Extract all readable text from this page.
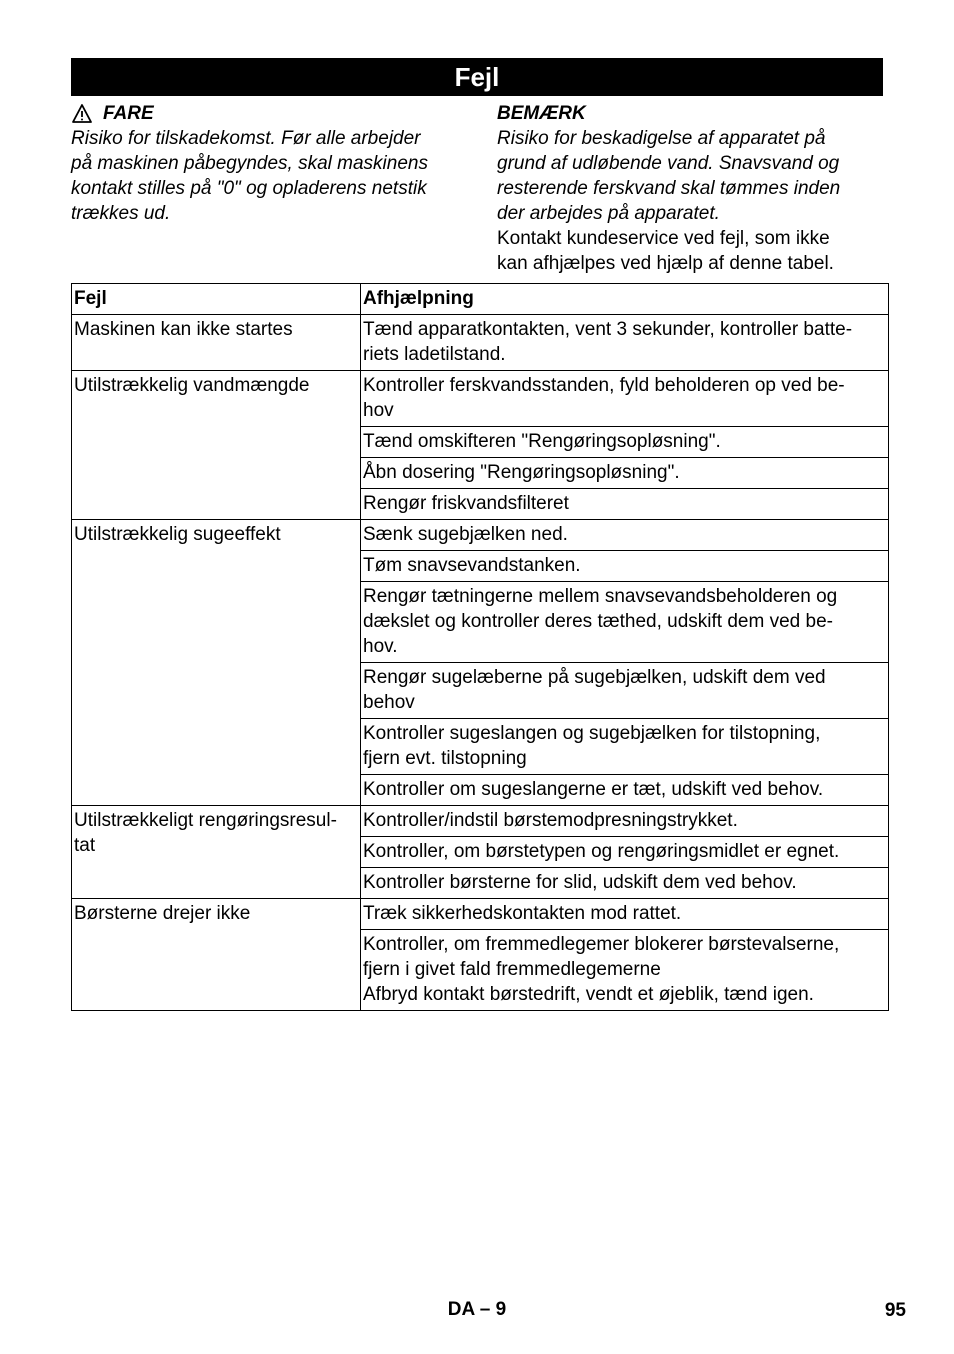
Fejl
FARE
Risiko for tilskadekomst. Før alle arbejder
på maskinen påbegyndes, skal maskinens
kontakt stilles på "0" og opladerens netstik
trækkes ud.
BEMÆRK
Risiko for beskadigelse af apparatet på
grund af udløbende vand. Snavsvand og
resterende ferskvand skal tømmes inden
der arbejdes på apparatet.
Kontakt kundeservice ved fejl, som ikke
kan afhjælpes ved hjælp af denne tabel.
Fejl	Afhjælpning

Maskinen kan ikke startes	Tænd apparatkontakten, vent 3 sekunder, kontroller batte-
riets ladetilstand.

Utilstrækkelig vandmængde	Kontroller ferskvandsstanden, fyld beholderen op ved be-
hov

	Tænd omskifteren "Rengøringsopløsning".

	Åbn dosering "Rengøringsopløsning".

	Rengør friskvandsfilteret

Utilstrækkelig sugeeffekt	Sænk sugebjælken ned.

	Tøm snavsevandstanken.

	Rengør tætningerne mellem snavsevandsbeholderen og
dækslet og kontroller deres tæthed, udskift dem ved be-
hov.

	Rengør sugelæberne på sugebjælken, udskift dem ved
behov

	Kontroller sugeslangen og sugebjælken for tilstopning,
fjern evt. tilstopning

	Kontroller om sugeslangerne er tæt, udskift ved behov.

Utilstrækkeligt rengøringsresul-
tat	Kontroller/indstil børstemodpresningstrykket.

	Kontroller, om børstetypen og rengøringsmidlet er egnet.

	Kontroller børsterne for slid, udskift dem ved behov.

Børsterne drejer ikke	Træk sikkerhedskontakten mod rattet.

	Kontroller, om fremmedlegemer blokerer børstevalserne,
fjern i givet fald fremmedlegemerne
Afbryd kontakt børstedrift, vendt et øjeblik, tænd igen.
DA – 9	95
